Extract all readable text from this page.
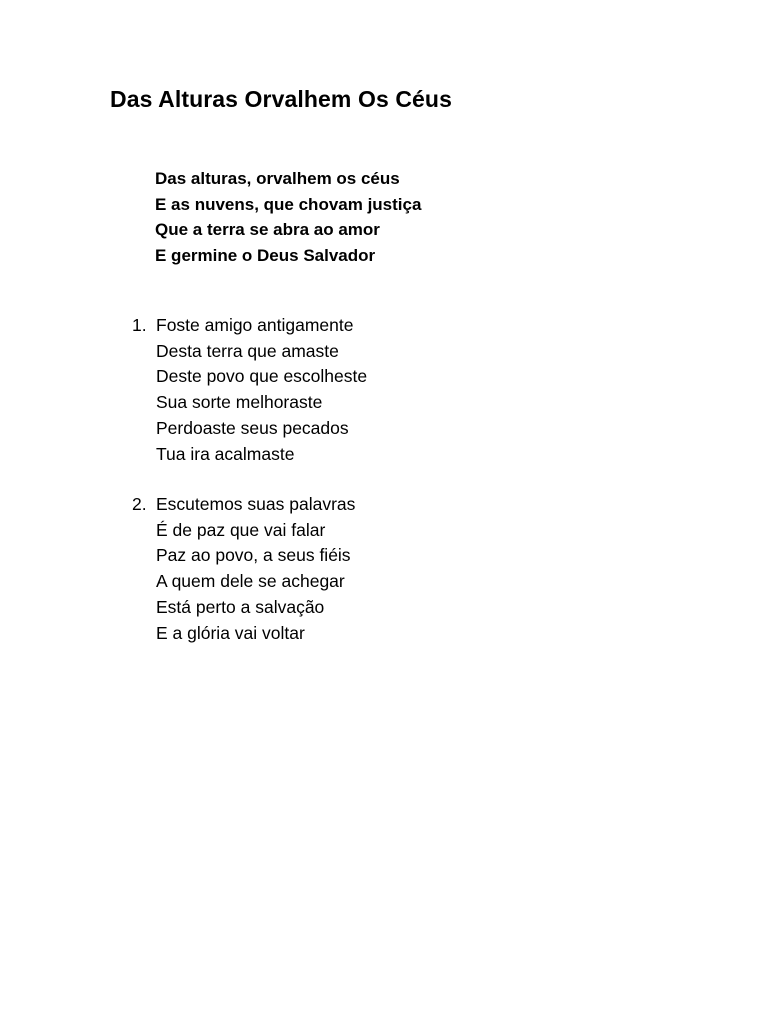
Das Alturas Orvalhem Os Céus
Das alturas, orvalhem os céus
E as nuvens, que chovam justiça
Que a terra se abra ao amor
E germine o Deus Salvador
1. Foste amigo antigamente
Desta terra que amaste
Deste povo que escolheste
Sua sorte melhoraste
Perdoaste seus pecados
Tua ira acalmaste
2. Escutemos suas palavras
É de paz que vai falar
Paz ao povo, a seus fiéis
A quem dele se achegar
Está perto a salvação
E a glória vai voltar
